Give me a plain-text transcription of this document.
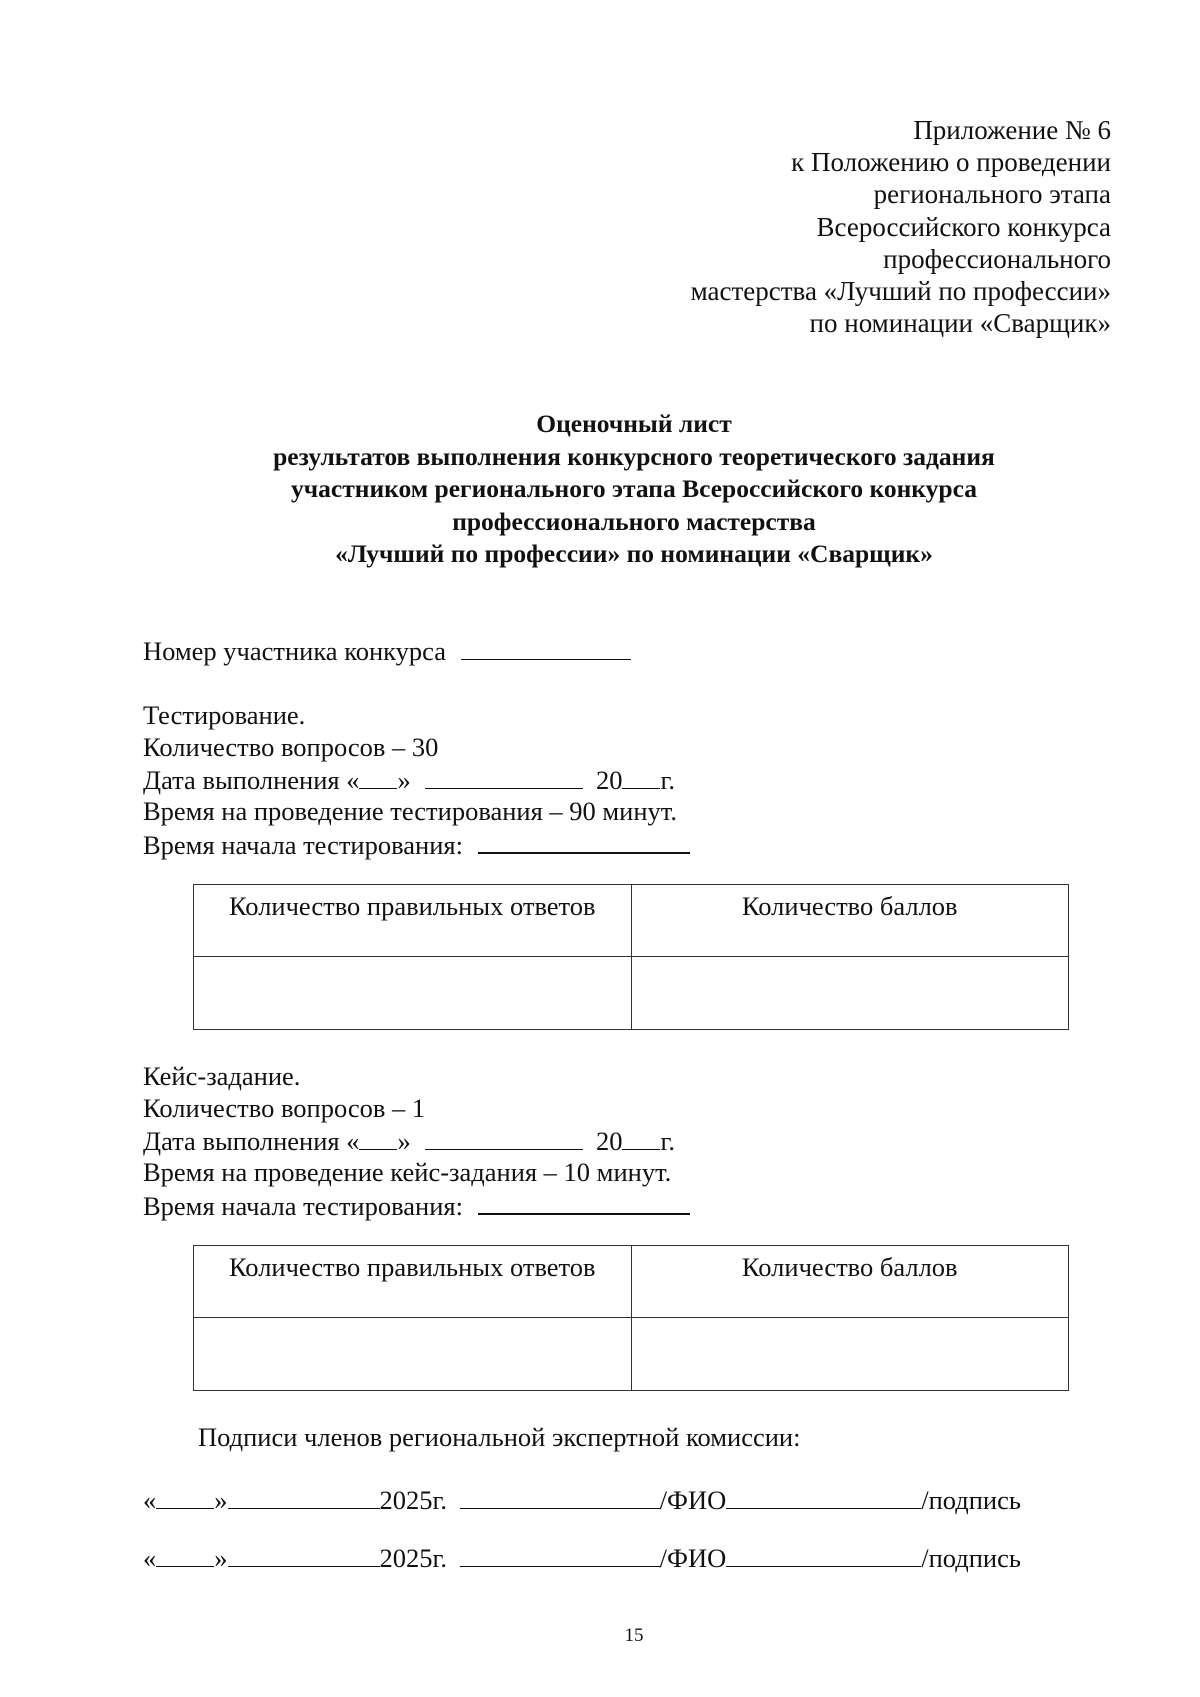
Приложение № 6
к Положению о проведении
регионального этапа
Всероссийского конкурса
профессионального
мастерства «Лучший по профессии»
по номинации «Сварщик»
Оценочный лист
результатов выполнения конкурсного теоретического задания
участником регионального этапа Всероссийского конкурса
профессионального мастерства
«Лучший по профессии» по номинации «Сварщик»
Номер участника конкурса
Тестирование.
Количество вопросов – 30
Дата выполнения « »	20 г.
Время на проведение тестирования – 90 минут.
Время начала тестирования:
Количество правильных ответов	Количество баллов

Кейс-задание.
Количество вопросов – 1
Дата выполнения « »	20 г.
Время на проведение кейс-задания – 10 минут.
Время начала тестирования:
Количество правильных ответов	Количество баллов

Подписи членов региональной экспертной комиссии:
« »	2025г.	/ФИО	/подпись
« »	2025г.	/ФИО	/подпись
15
